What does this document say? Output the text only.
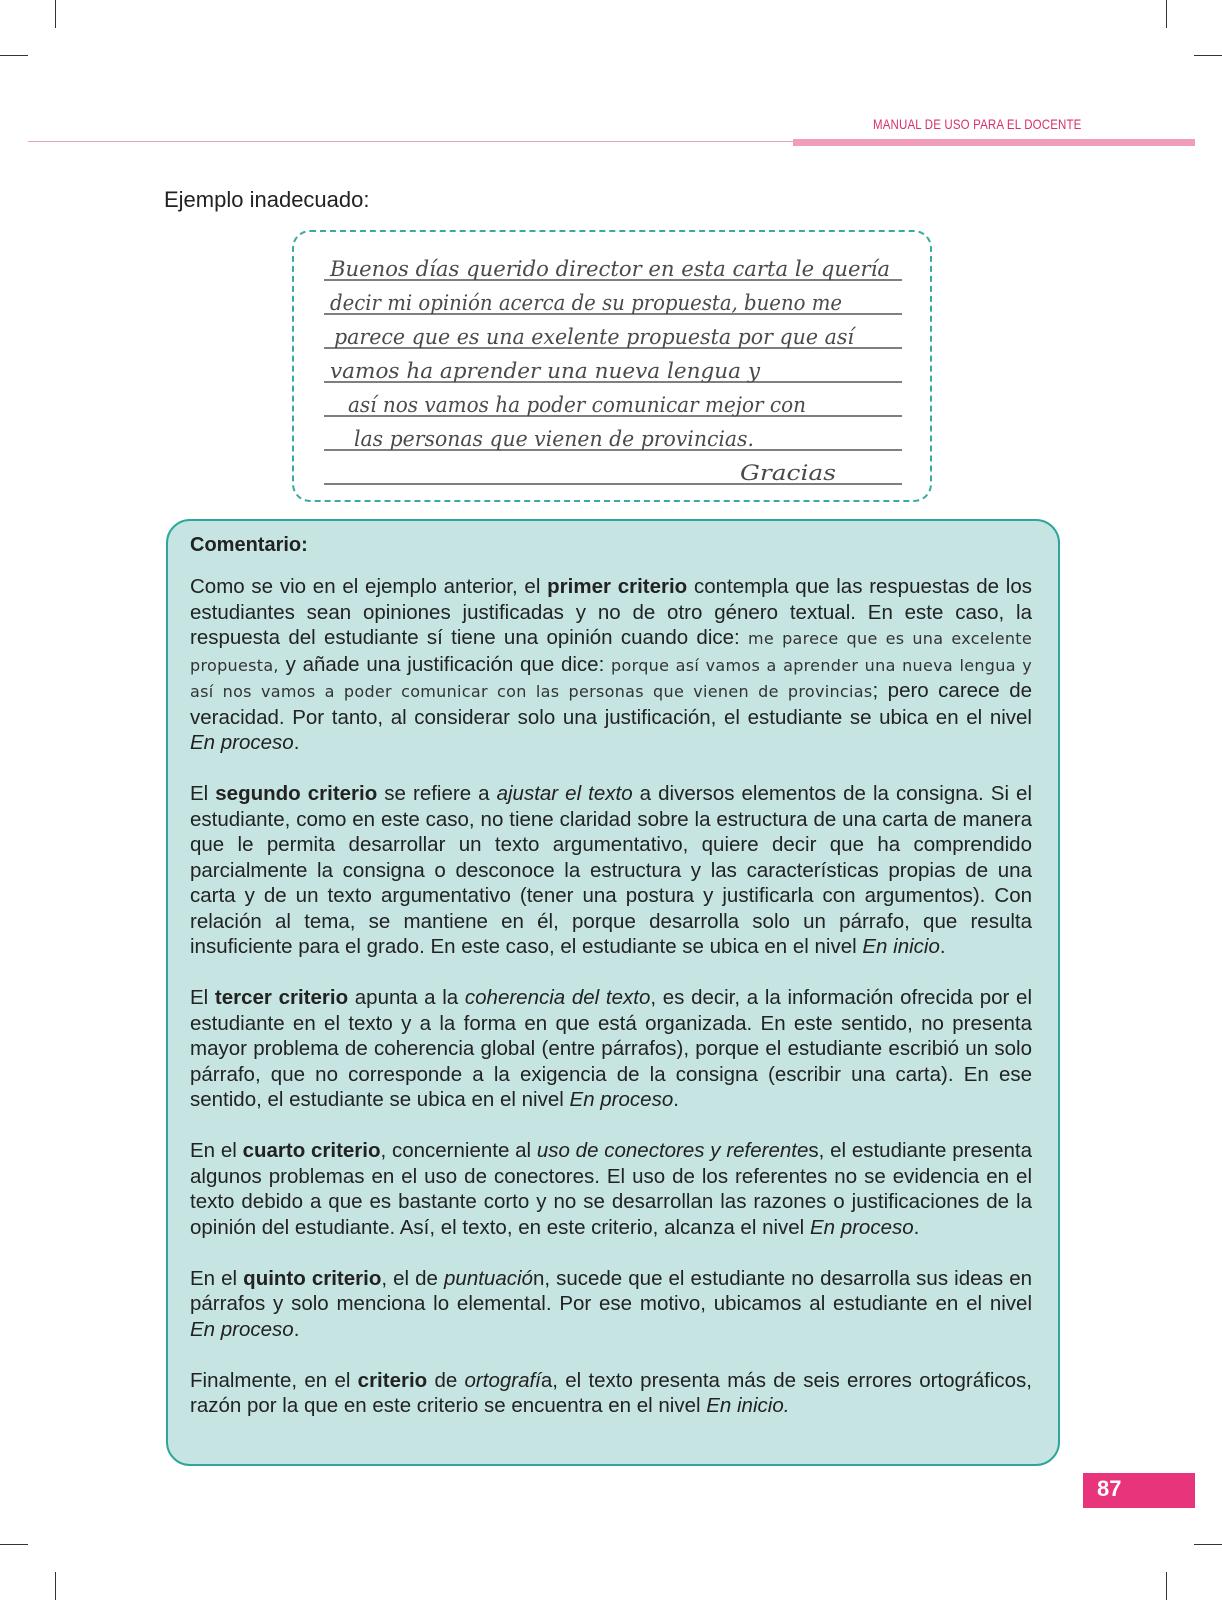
MANUAL DE USO PARA EL DOCENTE
Ejemplo inadecuado:
Buenos días querido director en esta carta le quería
decir mi opinión acerca de su propuesta, bueno me
parece que es una exelente propuesta por que así
vamos ha aprender una nueva lengua y
así nos vamos ha poder comunicar mejor con
las personas que vienen de provincias.
Gracias
Comentario:

Como se vio en el ejemplo anterior, el primer criterio contempla que las respuestas de los estudiantes sean opiniones justificadas y no de otro género textual. En este caso, la respuesta del estudiante sí tiene una opinión cuando dice: me parece que es una excelente propuesta, y añade una justificación que dice: porque así vamos a aprender una nueva lengua y así nos vamos a poder comunicar con las personas que vienen de provincias; pero carece de veracidad. Por tanto, al considerar solo una justificación, el estudiante se ubica en el nivel En proceso.

El segundo criterio se refiere a ajustar el texto a diversos elementos de la consigna. Si el estudiante, como en este caso, no tiene claridad sobre la estructura de una carta de manera que le permita desarrollar un texto argumentativo, quiere decir que ha comprendido parcialmente la consigna o desconoce la estructura y las características propias de una carta y de un texto argumentativo (tener una postura y justificarla con argumentos). Con relación al tema, se mantiene en él, porque desarrolla solo un párrafo, que resulta insuficiente para el grado. En este caso, el estudiante se ubica en el nivel En inicio.

El tercer criterio apunta a la coherencia del texto, es decir, a la información ofrecida por el estudiante en el texto y a la forma en que está organizada. En este sentido, no presenta mayor problema de coherencia global (entre párrafos), porque el estudiante escribió un solo párrafo, que no corresponde a la exigencia de la consigna (escribir una carta). En ese sentido, el estudiante se ubica en el nivel En proceso.

En el cuarto criterio, concerniente al uso de conectores y referentes, el estudiante presenta algunos problemas en el uso de conectores. El uso de los referentes no se evidencia en el texto debido a que es bastante corto y no se desarrollan las razones o justificaciones de la opinión del estudiante. Así, el texto, en este criterio, alcanza el nivel En proceso.

En el quinto criterio, el de puntuación, sucede que el estudiante no desarrolla sus ideas en párrafos y solo menciona lo elemental. Por ese motivo, ubicamos al estudiante en el nivel En proceso.

Finalmente, en el criterio de ortografía, el texto presenta más de seis errores ortográficos, razón por la que en este criterio se encuentra en el nivel En inicio.

87
